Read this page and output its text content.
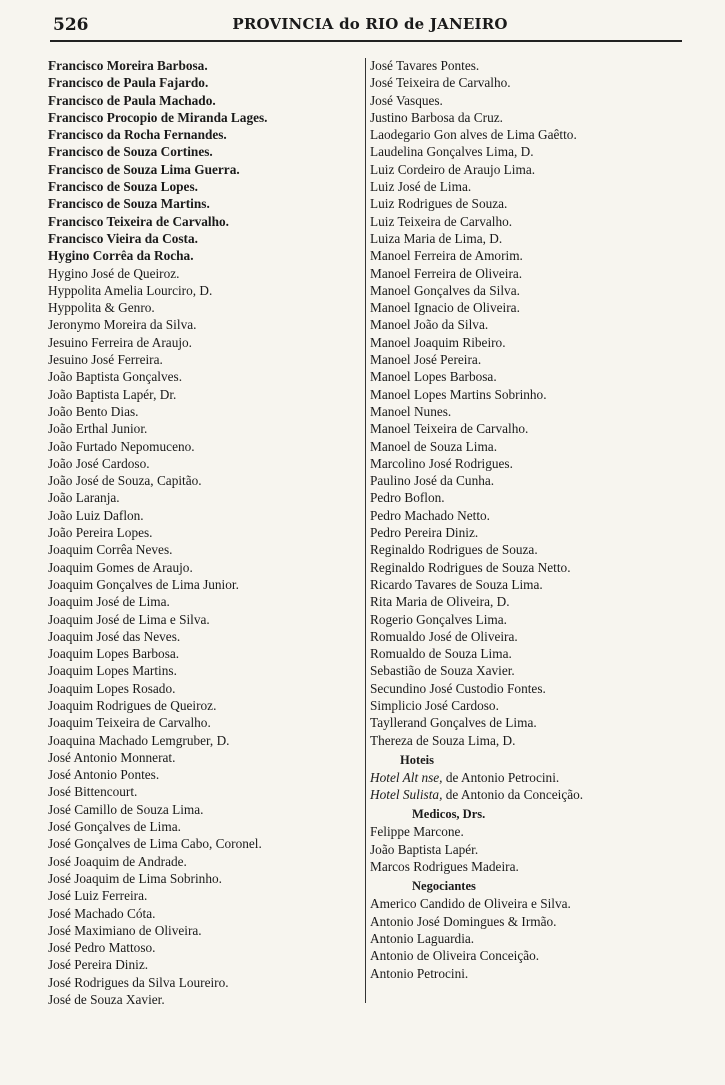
526	PROVINCIA do RIO de JANEIRO
Francisco Moreira Barbosa.
Francisco de Paula Fajardo.
Francisco de Paula Machado.
Francisco Procopio de Miranda Lages.
Francisco da Rocha Fernandes.
Francisco de Souza Cortines.
Francisco de Souza Lima Guerra.
Francisco de Souza Lopes.
Francisco de Souza Martins.
Francisco Teixeira de Carvalho.
Francisco Vieira da Costa.
Hygino Corrêa da Rocha.
Hygino José de Queiroz.
Hyppolita Amelia Lourciro, D.
Hyppolita & Genro.
Jeronymo Moreira da Silva.
Jesuino Ferreira de Araujo.
Jesuino José Ferreira.
João Baptista Gonçalves.
João Baptista Lapér, Dr.
João Bento Dias.
João Erthal Junior.
João Furtado Nepomuceno.
João José Cardoso.
João José de Souza, Capitão.
João Laranja.
João Luiz Daflon.
João Pereira Lopes.
Joaquim Corrêa Neves.
Joaquim Gomes de Araujo.
Joaquim Gonçalves de Lima Junior.
Joaquim José de Lima.
Joaquim José de Lima e Silva.
Joaquim José das Neves.
Joaquim Lopes Barbosa.
Joaquim Lopes Martins.
Joaquim Lopes Rosado.
Joaquim Rodrigues de Queiroz.
Joaquim Teixeira de Carvalho.
Joaquina Machado Lemgruber, D.
José Antonio Monnerat.
José Antonio Pontes.
José Bittencourt.
José Camillo de Souza Lima.
José Gonçalves de Lima.
José Gonçalves de Lima Cabo, Coronel.
José Joaquim de Andrade.
José Joaquim de Lima Sobrinho.
José Luiz Ferreira.
José Machado Cóta.
José Maximiano de Oliveira.
José Pedro Mattoso.
José Pereira Diniz.
José Rodrigues da Silva Loureiro.
José de Souza Xavier.
José Tavares Pontes.
José Teixeira de Carvalho.
José Vasques.
Justino Barbosa da Cruz.
Laodegario Gon alves de Lima Gaêtto.
Laudelina Gonçalves Lima, D.
Luiz Cordeiro de Araujo Lima.
Luiz José de Lima.
Luiz Rodrigues de Souza.
Luiz Teixeira de Carvalho.
Luiza Maria de Lima, D.
Manoel Ferreira de Amorim.
Manoel Ferreira de Oliveira.
Manoel Gonçalves da Silva.
Manoel Ignacio de Oliveira.
Manoel João da Silva.
Manoel Joaquim Ribeiro.
Manoel José Pereira.
Manoel Lopes Barbosa.
Manoel Lopes Martins Sobrinho.
Manoel Nunes.
Manoel Teixeira de Carvalho.
Manoel de Souza Lima.
Marcolino José Rodrigues.
Paulino José da Cunha.
Pedro Boflon.
Pedro Machado Netto.
Pedro Pereira Diniz.
Reginaldo Rodrigues de Souza.
Reginaldo Rodrigues de Souza Netto.
Ricardo Tavares de Souza Lima.
Rita Maria de Oliveira, D.
Rogerio Gonçalves Lima.
Romualdo José de Oliveira.
Romualdo de Souza Lima.
Sebastião de Souza Xavier.
Secundino José Custodio Fontes.
Simplicio José Cardoso.
Tayllerand Gonçalves de Lima.
Thereza de Souza Lima, D.
Hoteis
Hotel Alt nse, de Antonio Petrocini.
Hotel Sulista, de Antonio da Conceição.
Medicos, Drs.
Felippe Marcone.
João Baptista Lapér.
Marcos Rodrigues Madeira.
Negociantes
Americo Candido de Oliveira e Silva.
Antonio José Domingues & Irmão.
Antonio Laguardia.
Antonio de Oliveira Conceição.
Antonio Petrocini.
